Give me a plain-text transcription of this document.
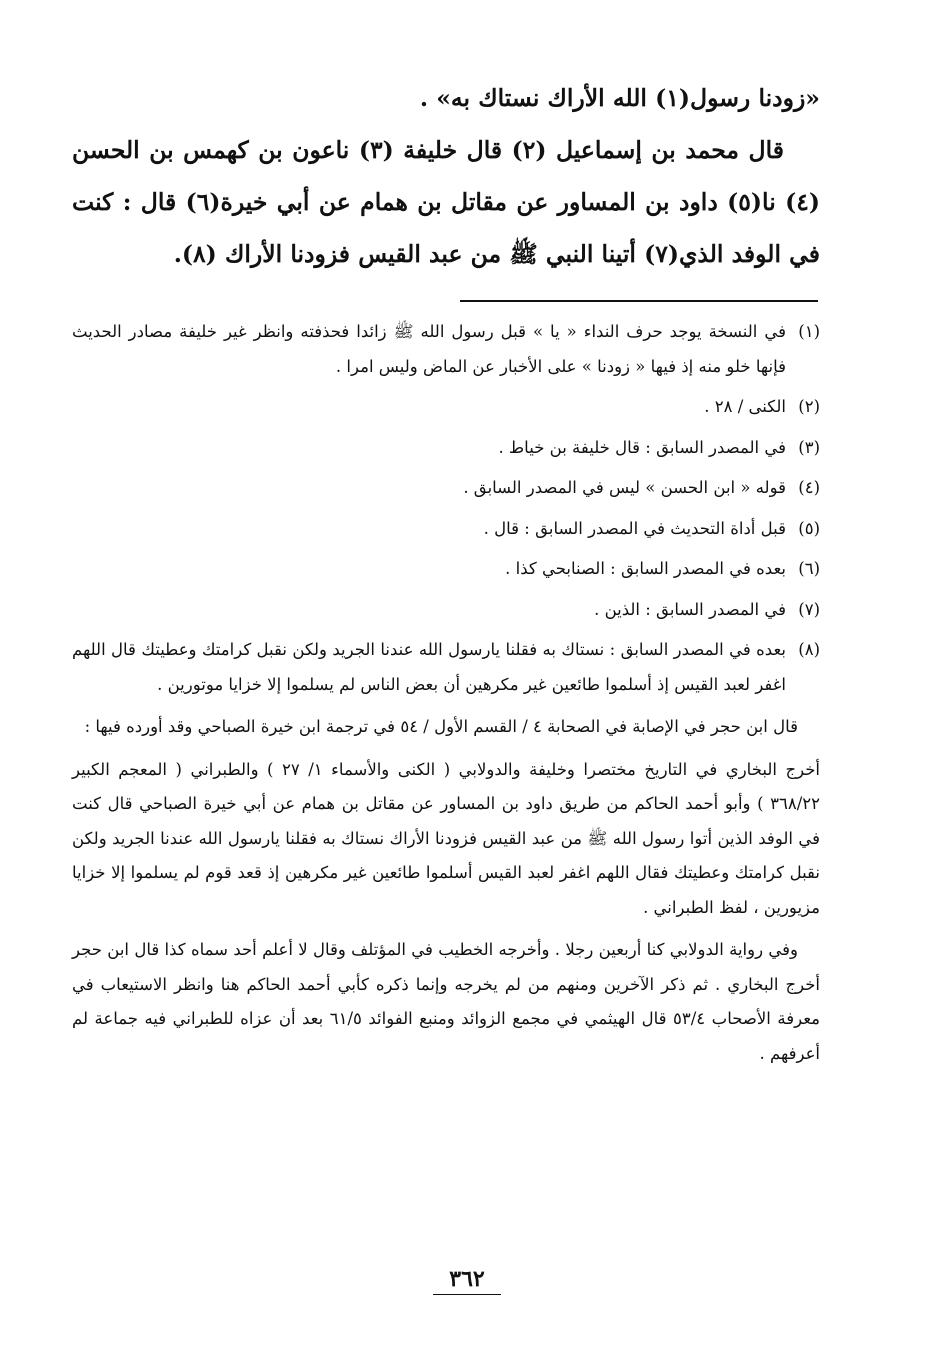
«زودنا رسول(١) الله الأراك نستاك به» .

قال محمد بن إسماعيل (٢) قال خليفة (٣) ناعون بن كهمس بن الحسن (٤) نا(٥) داود بن المساور عن مقاتل بن همام عن أبي خيرة(٦) قال : كنت في الوفد الذي(٧) أتينا النبي ﷺ من عبد القيس فزودنا الأراك (٨).

(١)
في النسخة يوجد حرف النداء « يا » قبل رسول الله ﷺ زائدا فحذفته وانظر غير خليفة مصادر الحديث فإنها خلو منه إذ فيها « زودنا » على الأخبار عن الماض وليس امرا .
(٢)
الكنى / ٢٨ .
(٣)
في المصدر السابق : قال خليفة بن خياط .
(٤)
قوله « ابن الحسن » ليس في المصدر السابق .
(٥)
قبل أداة التحديث في المصدر السابق : قال .
(٦)
بعده في المصدر السابق : الصنابحي كذا .
(٧)
في المصدر السابق : الذين .
(٨)
بعده في المصدر السابق : نستاك به فقلنا يارسول الله عندنا الجريد ولكن نقبل كرامتك وعطيتك قال اللهم اغفر لعبد القيس إذ أسلموا طائعين غير مكرهين أن بعض الناس لم يسلموا إلا خزايا موتورين .

قال ابن حجر في الإصابة في الصحابة ٤ / القسم الأول / ٥٤ في ترجمة ابن خيرة الصباحي وقد أورده فيها :

أخرج البخاري في التاريخ مختصرا وخليفة والدولابي ( الكنى والأسماء ١/ ٢٧ ) والطبراني ( المعجم الكبير ٣٦٨/٢٢ ) وأبو أحمد الحاكم من طريق داود بن المساور عن مقاتل بن همام عن أبي خيرة الصباحي قال كنت في الوفد الذين أتوا رسول الله ﷺ من عبد القيس فزودنا الأراك نستاك به فقلنا يارسول الله عندنا الجريد ولكن نقبل كرامتك وعطيتك فقال اللهم اغفر لعبد القيس أسلموا طائعين غير مكرهين إذ قعد قوم لم يسلموا إلا خزايا مزيورين ، لفظ الطبراني .

وفي رواية الدولابي كنا أربعين رجلا . وأخرجه الخطيب في المؤتلف وقال لا أعلم أحد سماه كذا قال ابن حجر أخرج البخاري . ثم ذكر الآخرين ومنهم من لم يخرجه وإنما ذكره كأبي أحمد الحاكم هنا وانظر الاستيعاب في معرفة الأصحاب ٥٣/٤ قال الهيثمي في مجمع الزوائد ومنبع الفوائد ٦١/٥ بعد أن عزاه للطبراني فيه جماعة لم أعرفهم .

٣٦٢
